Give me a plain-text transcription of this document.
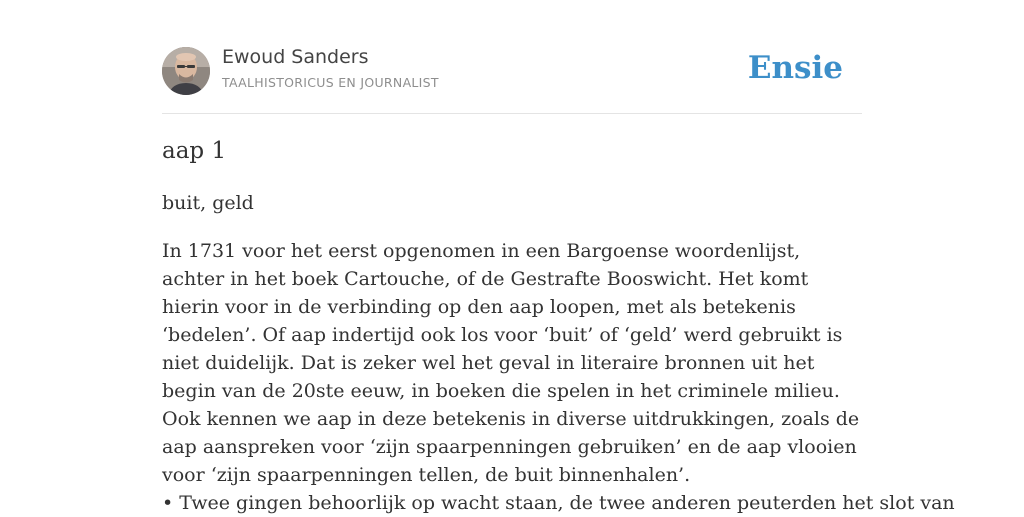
Ewoud Sanders
TAALHISTORICUS EN JOURNALIST	Ensie
aap 1
buit, geld

In 1731 voor het eerst opgenomen in een Bargoense woordenlijst, achter in het boek Cartouche, of de Gestrafte Booswicht. Het komt hierin voor in de verbinding op den aap loopen, met als betekenis ‘bedelen’. Of aap indertijd ook los voor ‘buit’ of ‘geld’ werd gebruikt is niet duidelijk. Dat is zeker wel het geval in literaire bronnen uit het begin van de 20ste eeuw, in boeken die spelen in het criminele milieu. Ook kennen we aap in deze betekenis in diverse uitdrukkingen, zoals de aap aanspreken voor ‘zijn spaarpenningen gebruiken’ en de aap vlooien voor ‘zijn spaarpenningen tellen, de buit binnenhalen’.

• Twee gingen behoorlijk op wacht staan, de twee anderen peuterden het slot van
